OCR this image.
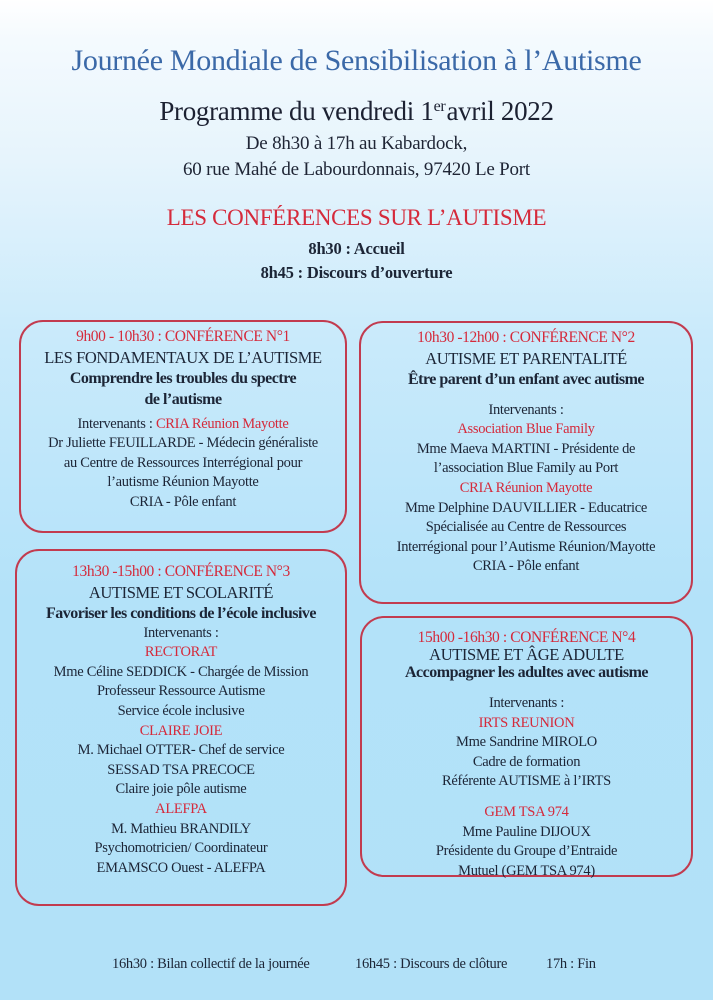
Journée Mondiale de Sensibilisation à l’Autisme
Programme du vendredi 1eravril 2022
De 8h30 à 17h au Kabardock,
60 rue Mahé de Labourdonnais, 97420 Le Port
LES CONFÉRENCES SUR L’AUTISME
8h30 : Accueil
8h45 : Discours d’ouverture
9h00 - 10h30 : CONFÉRENCE N°1
LES FONDAMENTAUX DE L’AUTISME
Comprendre les troubles du spectre
de l’autisme
Intervenants : CRIA Réunion Mayotte
Dr Juliette FEUILLARDE - Médecin généraliste
au Centre de Ressources Interrégional pour
l’autisme Réunion Mayotte
CRIA - Pôle enfant
10h30 -12h00 : CONFÉRENCE N°2
AUTISME ET PARENTALITÉ
Être parent d’un enfant avec autisme
Intervenants :
Association Blue Family
Mme Maeva MARTINI - Présidente de
l’association Blue Family au Port
CRIA Réunion Mayotte
Mme Delphine DAUVILLIER - Educatrice
Spécialisée au Centre de Ressources
Interrégional pour l’Autisme Réunion/Mayotte
CRIA - Pôle enfant
13h30 -15h00 : CONFÉRENCE N°3
AUTISME ET SCOLARITÉ
Favoriser les conditions de l’école inclusive
Intervenants :
RECTORAT
Mme Céline SEDDICK - Chargée de Mission
Professeur Ressource Autisme
Service école inclusive
CLAIRE JOIE
M. Michael OTTER- Chef de service
SESSAD TSA PRECOCE
Claire joie pôle autisme
ALEFPA
M. Mathieu BRANDILY
Psychomotricien/ Coordinateur
EMAMSCO Ouest - ALEFPA
15h00 -16h30 : CONFÉRENCE N°4
AUTISME ET ÂGE ADULTE
Accompagner les adultes avec autisme
Intervenants :
IRTS REUNION
Mme Sandrine MIROLO
Cadre de formation
Référente AUTISME à l’IRTS
GEM TSA 974
Mme Pauline DIJOUX
Présidente du Groupe d’Entraide
Mutuel (GEM TSA 974)
16h30 : Bilan collectif de la journée	16h45 : Discours de clôture	17h : Fin
